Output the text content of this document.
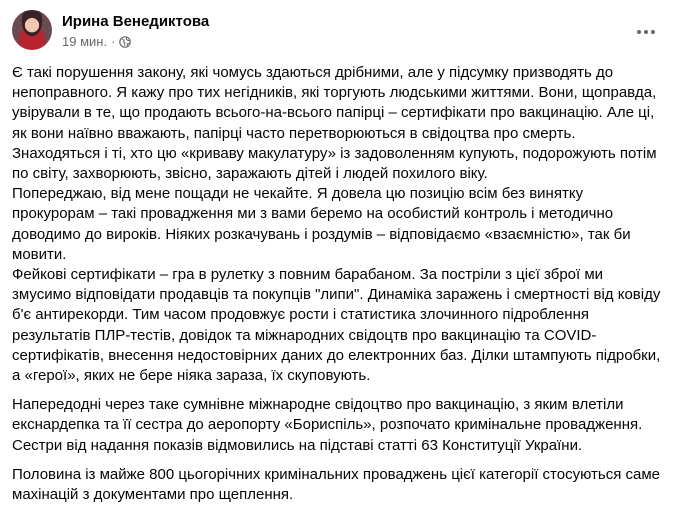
Ирина Венедиктова
19 мин. ·

Є такі порушення закону, які чомусь здаються дрібними, але у підсумку призводять до непоправного. Я кажу про тих негідників, які торгують людськими життями. Вони, щоправда, увірували в те, що продають всього-на-всього папірці – сертифікати про вакцинацію. Але ці, як вони наївно вважають, папірці часто перетворюються в свідоцтва про смерть.

Знаходяться і ті, хто цю «криваву макулатуру» із задоволенням купують, подорожують потім по світу, захворюють, звісно, заражають дітей і людей похилого віку.

Попереджаю, від мене пощади не чекайте. Я довела цю позицію всім без винятку прокурорам – такі провадження ми з вами беремо на особистий контроль і методично доводимо до вироків. Ніяких розкачувань і роздумів – відповідаємо «взаємністю», так би мовити.

Фейкові сертифікати – гра в рулетку з повним барабаном. За пострiли з цієї зброї ми змусимо відповідати продавців та покупців "липи". Динаміка заражень і смертності від ковіду б'є антирекорди. Тим часом продовжує рости і статистика злочинного підроблення результатів ПЛР-тестів, довідок та міжнародних свідоцтв про вакцинацію та COVID-сертифікатів, внесення недостовірних даних до електронних баз. Ділки штампують підробки, а «герої», яких не бере ніяка зараза, їх скуповують.

Напередодні через таке сумнівне міжнародне свідоцтво про вакцинацію, з яким влетіли екснардепка та її сестра до аеропорту «Бориспіль», розпочато кримінальне провадження. Сестри від надання показів відмовились на підставі статті 63 Конституції України.

Половина із майже 800 цьогорічних кримінальних проваджень цієї категорії стосуються саме махінацій з документами про щеплення.
